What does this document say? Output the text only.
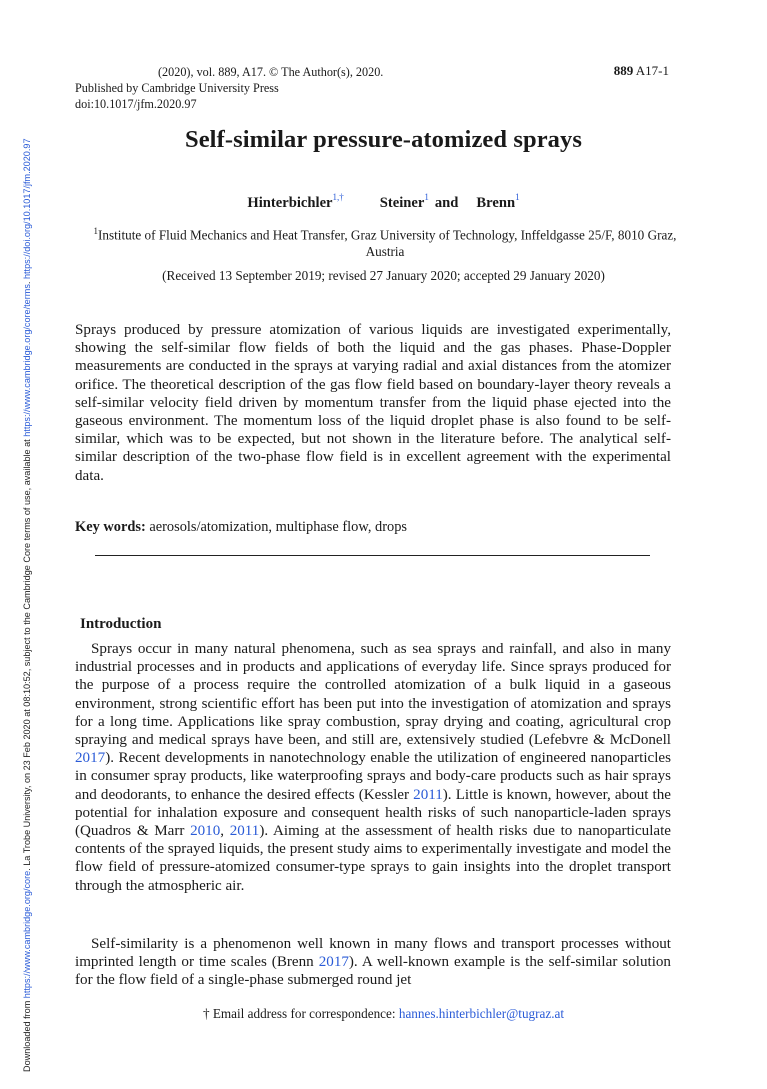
Downloaded from https://www.cambridge.org/core. La Trobe University, on 23 Feb 2020 at 08:10:52, subject to the Cambridge Core terms of use, available at https://www.cambridge.org/core/terms. https://doi.org/10.1017/jfm.2020.97
(2020), vol. 889, A17. © The Author(s), 2020.
Published by Cambridge University Press
doi:10.1017/jfm.2020.97
889 A17-1
Self-similar pressure-atomized sprays
Hinterbichler$^{1,\dagger}$ Steiner$^1$ and Brenn$^1$
$^1$Institute of Fluid Mechanics and Heat Transfer, Graz University of Technology, Inffeldgasse 25/F, 8010 Graz, Austria
(Received 13 September 2019; revised 27 January 2020; accepted 29 January 2020)

Sprays produced by pressure atomization of various liquids are investigated experimentally, showing the self-similar flow fields of both the liquid and the gas phases. Phase-Doppler measurements are conducted in the sprays at varying radial and axial distances from the atomizer orifice. The theoretical description of the gas flow field based on boundary-layer theory reveals a self-similar velocity field driven by momentum transfer from the liquid phase ejected into the gaseous environment. The momentum loss of the liquid droplet phase is also found to be self-similar, which was to be expected, but not shown in the literature before. The analytical self-similar description of the two-phase flow field is in excellent agreement with the experimental data.

Key words: aerosols/atomization, multiphase flow, drops
Introduction

Sprays occur in many natural phenomena, such as sea sprays and rainfall, and also in many industrial processes and in products and applications of everyday life. Since sprays produced for the purpose of a process require the controlled atomization of a bulk liquid in a gaseous environment, strong scientific effort has been put into the investigation of atomization and sprays for a long time. Applications like spray combustion, spray drying and coating, agricultural crop spraying and medical sprays have been, and still are, extensively studied (Lefebvre & McDonell 2017). Recent developments in nanotechnology enable the utilization of engineered nanoparticles in consumer spray products, like waterproofing sprays and body-care products such as hair sprays and deodorants, to enhance the desired effects (Kessler 2011). Little is known, however, about the potential for inhalation exposure and consequent health risks of such nanoparticle-laden sprays (Quadros & Marr 2010, 2011). Aiming at the assessment of health risks due to nanoparticulate contents of the sprayed liquids, the present study aims to experimentally investigate and model the flow field of pressure-atomized consumer-type sprays to gain insights into the droplet transport through the atmospheric air.

Self-similarity is a phenomenon well known in many flows and transport processes without imprinted length or time scales (Brenn 2017). A well-known example is the self-similar solution for the flow field of a single-phase submerged round jet

† Email address for correspondence: hannes.hinterbichler@tugraz.at
